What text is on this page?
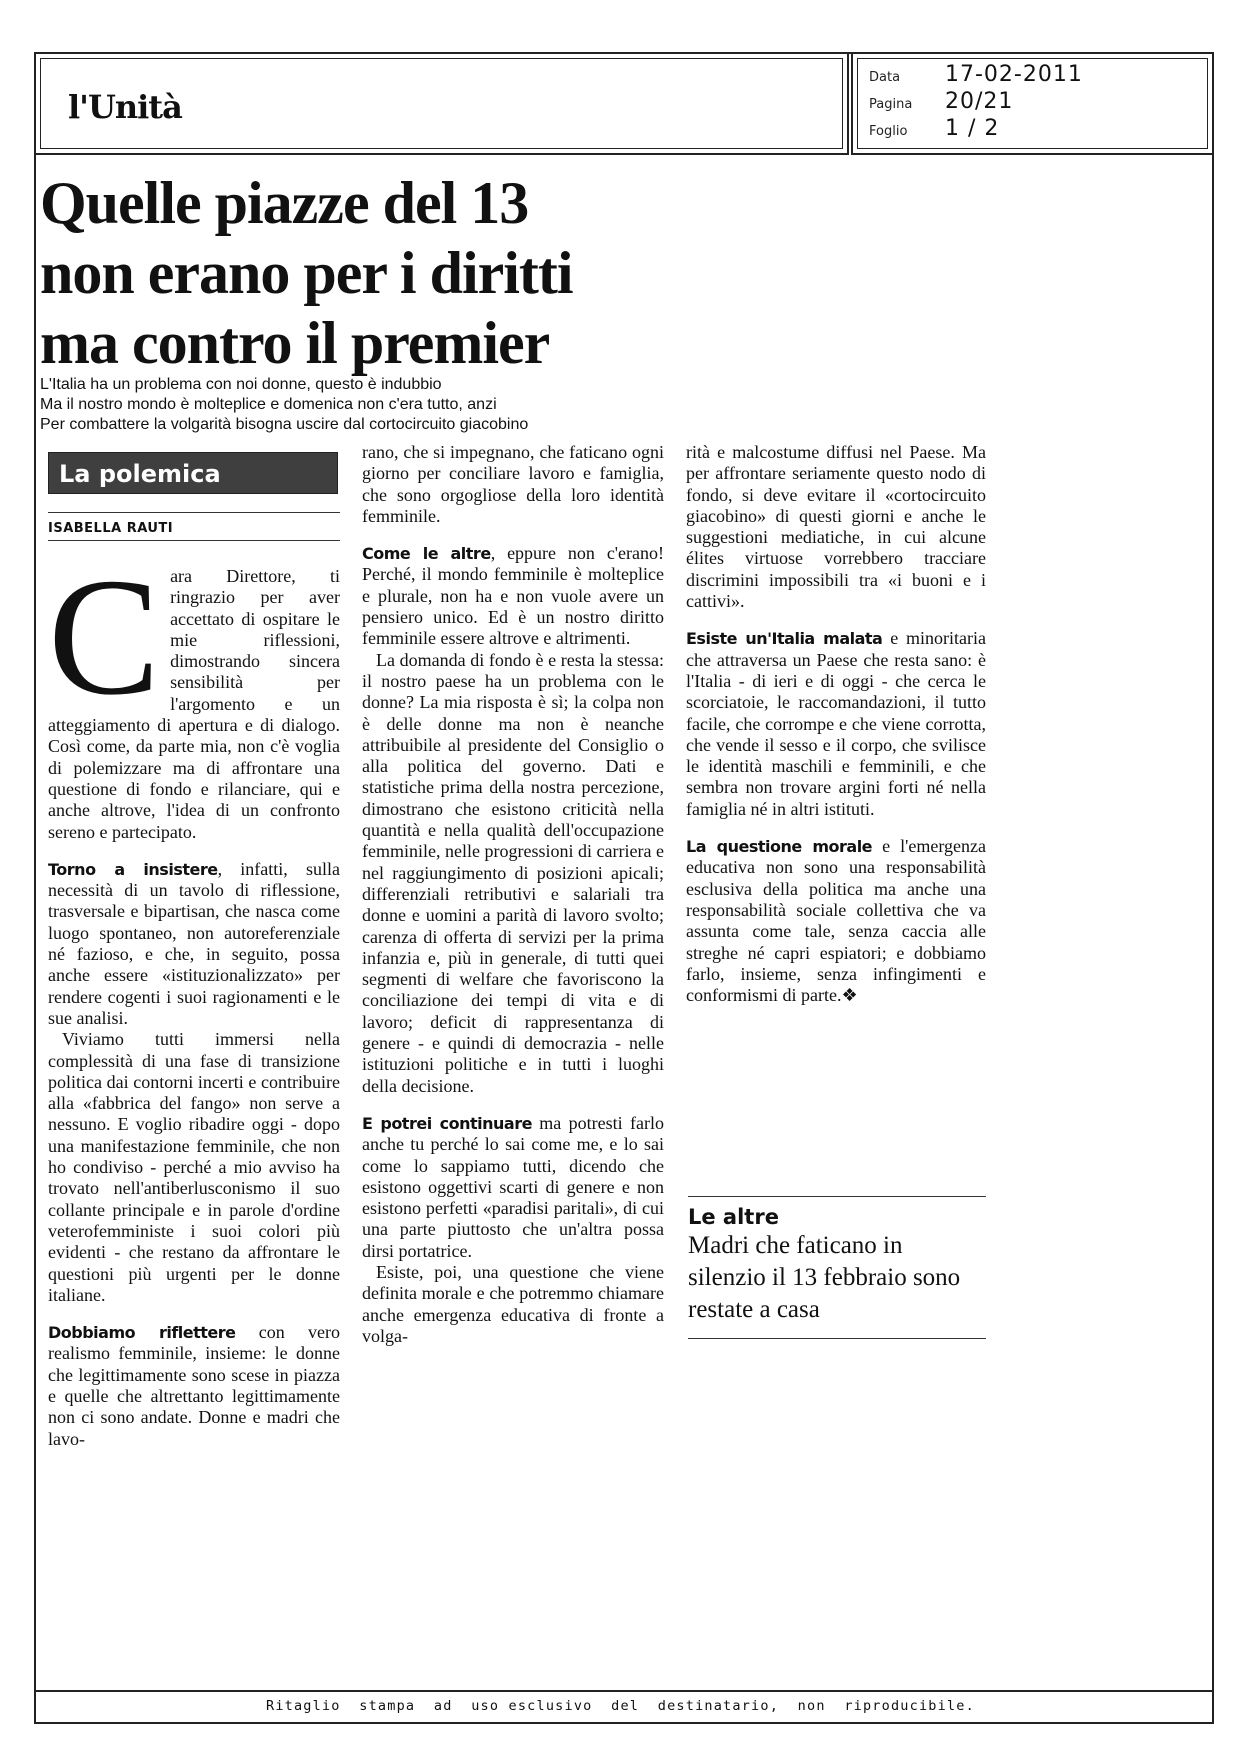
l'Unità
Data	17-02-2011
Pagina	20/21
Foglio	1 / 2
Quelle piazze del 13
non erano per i diritti
ma contro il premier
L'Italia ha un problema con noi donne, questo è indubbio
Ma il nostro mondo è molteplice e domenica non c'era tutto, anzi
Per combattere la volgarità bisogna uscire dal cortocircuito giacobino
La polemica
ISABELLA RAUTI
C ara Direttore, ti ringrazio per aver accettato di ospitare le mie riflessioni, dimostrando sincera sensibilità per l'argomento e un atteggiamento di apertura e di dialogo. Così come, da parte mia, non c'è voglia di polemizzare ma di affrontare una questione di fondo e rilanciare, qui e anche altrove, l'idea di un confronto sereno e partecipato.

Torno a insistere, infatti, sulla necessità di un tavolo di riflessione, trasversale e bipartisan, che nasca come luogo spontaneo, non autoreferenziale né fazioso, e che, in seguito, possa anche essere «istituzionalizzato» per rendere cogenti i suoi ragionamenti e le sue analisi.

Viviamo tutti immersi nella complessità di una fase di transizione politica dai contorni incerti e contribuire alla «fabbrica del fango» non serve a nessuno. E voglio ribadire oggi - dopo una manifestazione femminile, che non ho condiviso - perché a mio avviso ha trovato nell'antiberlusconismo il suo collante principale e in parole d'ordine veterofemministe i suoi colori più evidenti - che restano da affrontare le questioni più urgenti per le donne italiane.

Dobbiamo riflettere con vero realismo femminile, insieme: le donne che legittimamente sono scese in piazza e quelle che altrettanto legittimamente non ci sono andate. Donne e madri che lavo-

rano, che si impegnano, che faticano ogni giorno per conciliare lavoro e famiglia, che sono orgogliose della loro identità femminile.

Come le altre, eppure non c'erano! Perché, il mondo femminile è molteplice e plurale, non ha e non vuole avere un pensiero unico. Ed è un nostro diritto femminile essere altrove e altrimenti.

La domanda di fondo è e resta la stessa: il nostro paese ha un problema con le donne? La mia risposta è sì; la colpa non è delle donne ma non è neanche attribuibile al presidente del Consiglio o alla politica del governo. Dati e statistiche prima della nostra percezione, dimostrano che esistono criticità nella quantità e nella qualità dell'occupazione femminile, nelle progressioni di carriera e nel raggiungimento di posizioni apicali; differenziali retributivi e salariali tra donne e uomini a parità di lavoro svolto; carenza di offerta di servizi per la prima infanzia e, più in generale, di tutti quei segmenti di welfare che favoriscono la conciliazione dei tempi di vita e di lavoro; deficit di rappresentanza di genere - e quindi di democrazia - nelle istituzioni politiche e in tutti i luoghi della decisione.

E potrei continuare ma potresti farlo anche tu perché lo sai come me, e lo sai come lo sappiamo tutti, dicendo che esistono oggettivi scarti di genere e non esistono perfetti «paradisi paritali», di cui una parte piuttosto che un'altra possa dirsi portatrice.

Esiste, poi, una questione che viene definita morale e che potremmo chiamare anche emergenza educativa di fronte a volga-

rità e malcostume diffusi nel Paese. Ma per affrontare seriamente questo nodo di fondo, si deve evitare il «cortocircuito giacobino» di questi giorni e anche le suggestioni mediatiche, in cui alcune élites virtuose vorrebbero tracciare discrimini impossibili tra «i buoni e i cattivi».

Esiste un'Italia malata e minoritaria che attraversa un Paese che resta sano: è l'Italia - di ieri e di oggi - che cerca le scorciatoie, le raccomandazioni, il tutto facile, che corrompe e che viene corrotta, che vende il sesso e il corpo, che svilisce le identità maschili e femminili, e che sembra non trovare argini forti né nella famiglia né in altri istituti.

La questione morale e l'emergenza educativa non sono una responsabilità esclusiva della politica ma anche una responsabilità sociale collettiva che va assunta come tale, senza caccia alle streghe né capri espiatori; e dobbiamo farlo, insieme, senza infingimenti e conformismi di parte.❖

Le altre
Madri che faticano in silenzio il 13 febbraio sono restate a casa
Ritaglio  stampa  ad  uso esclusivo  del  destinatario,  non  riproducibile.
